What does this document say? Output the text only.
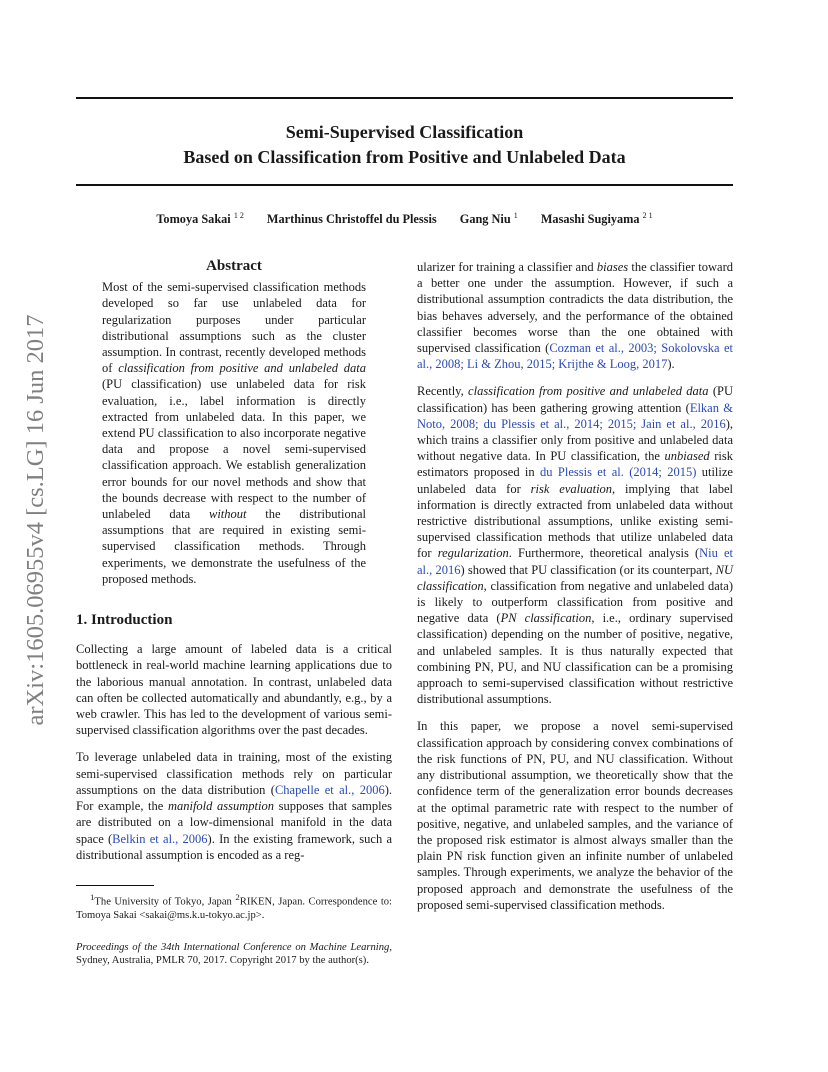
Semi-Supervised Classification
Based on Classification from Positive and Unlabeled Data
Tomoya Sakai $^{1 2}$ Marthinus Christoffel du Plessis Gang Niu $^1$ Masashi Sugiyama $^{2 1}$
arXiv:1605.06955v4 [cs.LG] 16 Jun 2017
Abstract
Most of the semi-supervised classification methods developed so far use unlabeled data for regularization purposes under particular distributional assumptions such as the cluster assumption. In contrast, recently developed methods of classification from positive and unlabeled data (PU classification) use unlabeled data for risk evaluation, i.e., label information is directly extracted from unlabeled data. In this paper, we extend PU classification to also incorporate negative data and propose a novel semi-supervised classification approach. We establish generalization error bounds for our novel methods and show that the bounds decrease with respect to the number of unlabeled data without the distributional assumptions that are required in existing semi-supervised classification methods. Through experiments, we demonstrate the usefulness of the proposed methods.
1. Introduction

Collecting a large amount of labeled data is a critical bottleneck in real-world machine learning applications due to the laborious manual annotation. In contrast, unlabeled data can often be collected automatically and abundantly, e.g., by a web crawler. This has led to the development of various semi-supervised classification algorithms over the past decades.

To leverage unlabeled data in training, most of the existing semi-supervised classification methods rely on particular assumptions on the data distribution (Chapelle et al., 2006). For example, the manifold assumption supposes that samples are distributed on a low-dimensional manifold in the data space (Belkin et al., 2006). In the existing framework, such a distributional assumption is encoded as a reg-

$^1$The University of Tokyo, Japan $^2$RIKEN, Japan. Correspondence to: Tomoya Sakai <sakai@ms.k.u-tokyo.ac.jp>.
Proceedings of the 34th International Conference on Machine Learning, Sydney, Australia, PMLR 70, 2017. Copyright 2017 by the author(s).

ularizer for training a classifier and biases the classifier toward a better one under the assumption. However, if such a distributional assumption contradicts the data distribution, the bias behaves adversely, and the performance of the obtained classifier becomes worse than the one obtained with supervised classification (Cozman et al., 2003; Sokolovska et al., 2008; Li & Zhou, 2015; Krijthe & Loog, 2017).

Recently, classification from positive and unlabeled data (PU classification) has been gathering growing attention (Elkan & Noto, 2008; du Plessis et al., 2014; 2015; Jain et al., 2016), which trains a classifier only from positive and unlabeled data without negative data. In PU classification, the unbiased risk estimators proposed in du Plessis et al. (2014; 2015) utilize unlabeled data for risk evaluation, implying that label information is directly extracted from unlabeled data without restrictive distributional assumptions, unlike existing semi-supervised classification methods that utilize unlabeled data for regularization. Furthermore, theoretical analysis (Niu et al., 2016) showed that PU classification (or its counterpart, NU classification, classification from negative and unlabeled data) is likely to outperform classification from positive and negative data (PN classification, i.e., ordinary supervised classification) depending on the number of positive, negative, and unlabeled samples. It is thus naturally expected that combining PN, PU, and NU classification can be a promising approach to semi-supervised classification without restrictive distributional assumptions.

In this paper, we propose a novel semi-supervised classification approach by considering convex combinations of the risk functions of PN, PU, and NU classification. Without any distributional assumption, we theoretically show that the confidence term of the generalization error bounds decreases at the optimal parametric rate with respect to the number of positive, negative, and unlabeled samples, and the variance of the proposed risk estimator is almost always smaller than the plain PN risk function given an infinite number of unlabeled samples. Through experiments, we analyze the behavior of the proposed approach and demonstrate the usefulness of the proposed semi-supervised classification methods.
